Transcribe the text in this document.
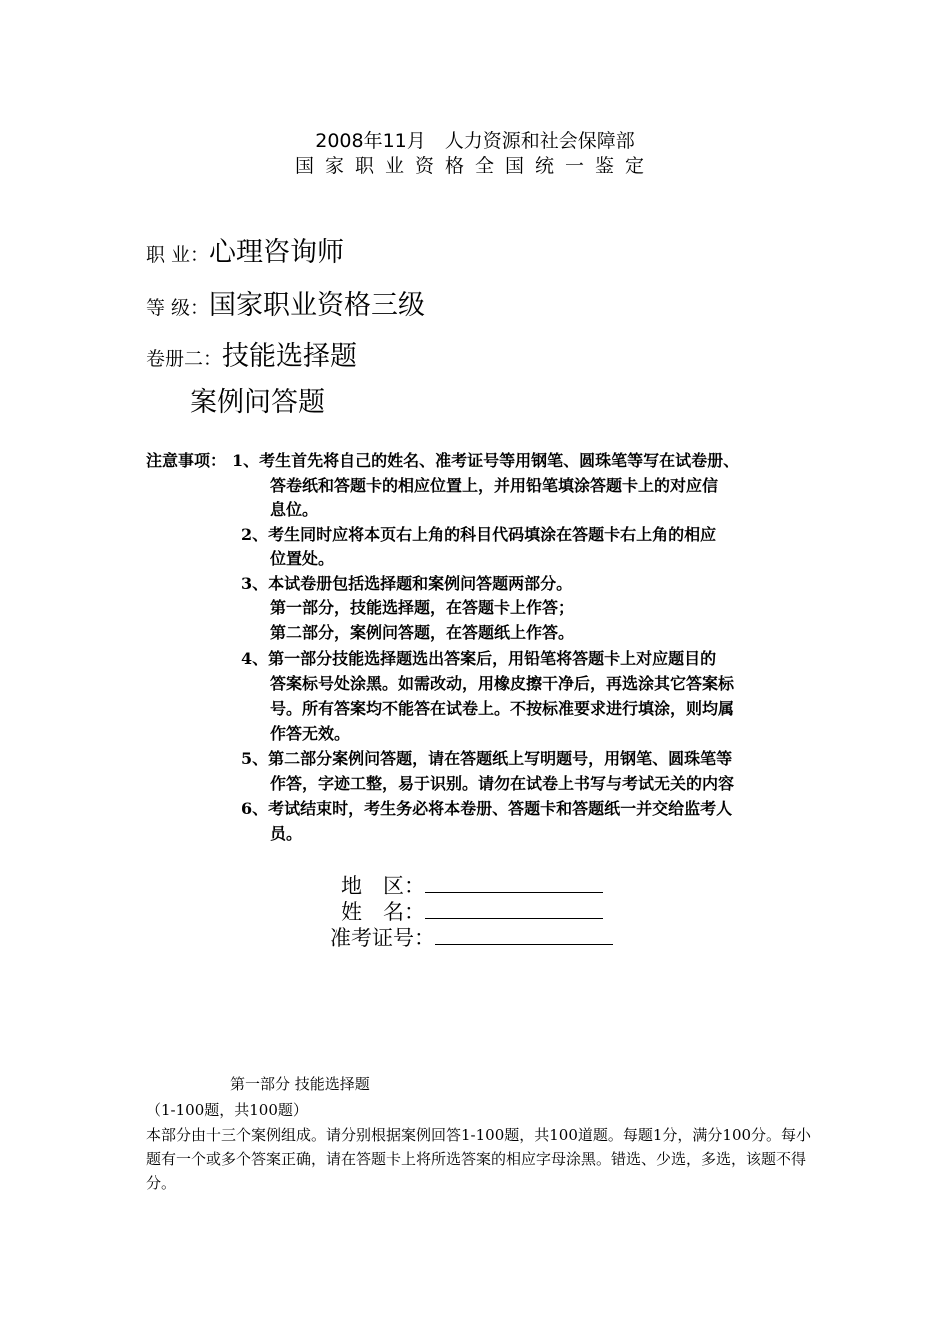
2008年11月　人力资源和社会保障部
国家职业资格全国统一鉴定
职 业：心理咨询师
等 级：国家职业资格三级
卷册二：技能选择题
案例问答题
注意事项： 1、考生首先将自己的姓名、准考证号等用钢笔、圆珠笔等写在试卷册、
答卷纸和答题卡的相应位置上，并用铅笔填涂答题卡上的对应信
息位。
2、考生同时应将本页右上角的科目代码填涂在答题卡右上角的相应
位置处。
3、本试卷册包括选择题和案例问答题两部分。
第一部分，技能选择题，在答题卡上作答；
第二部分，案例问答题，在答题纸上作答。
4、第一部分技能选择题选出答案后，用铅笔将答题卡上对应题目的
答案标号处涂黑。如需改动，用橡皮擦干净后，再选涂其它答案标
号。所有答案均不能答在试卷上。不按标准要求进行填涂，则均属
作答无效。
5、第二部分案例问答题，请在答题纸上写明题号，用钢笔、圆珠笔等
作答，字迹工整，易于识别。请勿在试卷上书写与考试无关的内容
6、考试结束时，考生务必将本卷册、答题卡和答题纸一并交给监考人
员。
地　区：
姓　名：
准考证号：
第一部分 技能选择题
（1-100题，共100题）
本部分由十三个案例组成。请分别根据案例回答1-100题，共100道题。每题1分，满分100分。每小题有一个或多个答案正确，请在答题卡上将所选答案的相应字母涂黑。错选、少选，多选，该题不得分。
